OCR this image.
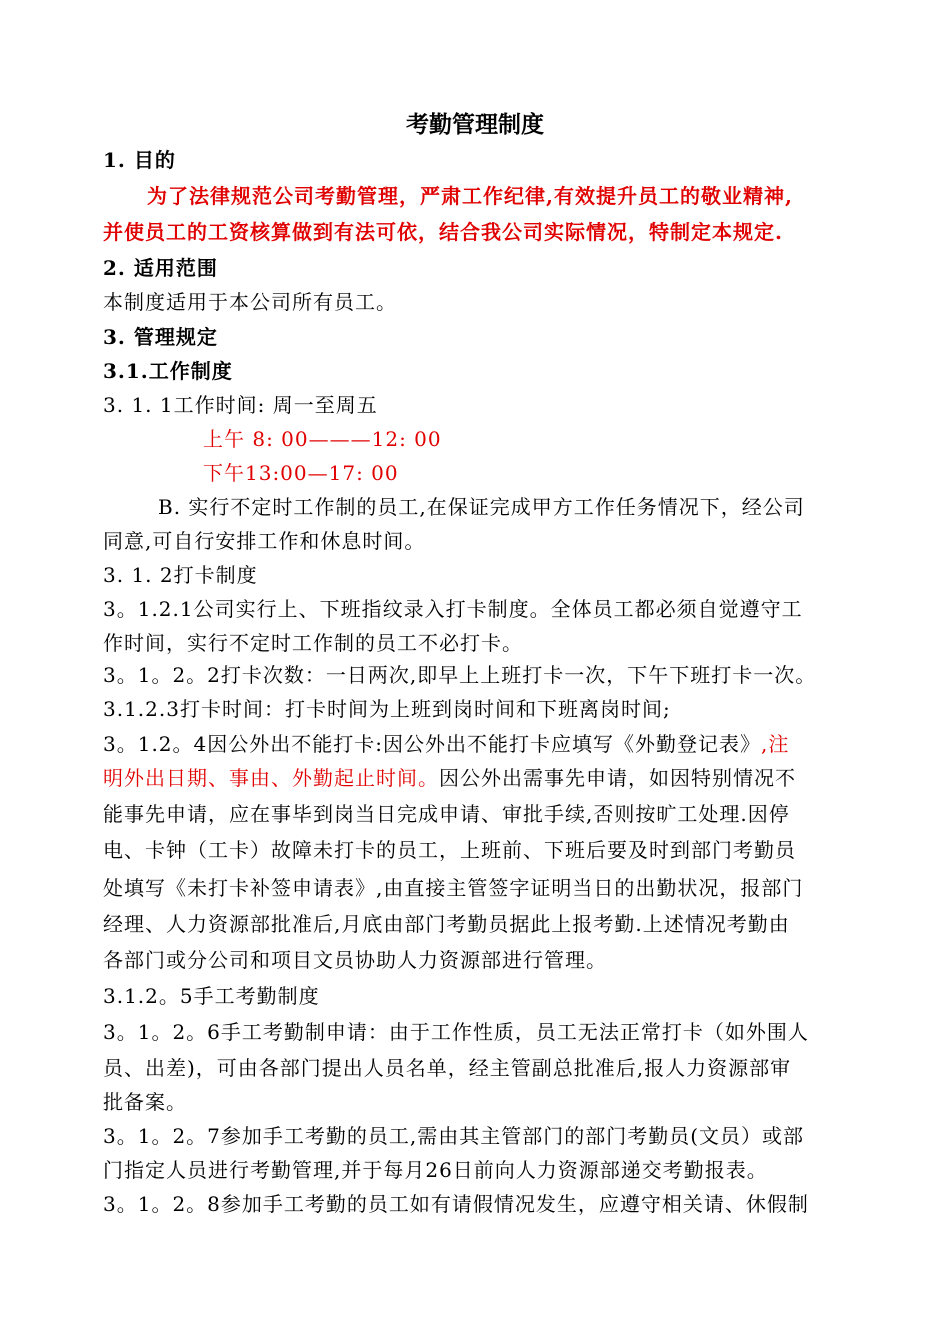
考勤管理制度
1. 目的
为了法律规范公司考勤管理，严肃工作纪律,有效提升员工的敬业精神,
并使员工的工资核算做到有法可依，结合我公司实际情况，特制定本规定.
2. 适用范围
本制度适用于本公司所有员工。
3. 管理规定
3.1.工作制度
3. 1. 1工作时间: 周一至周五
上午 8: 00———12: 00
下午13:00—17: 00
B. 实行不定时工作制的员工,在保证完成甲方工作任务情况下，经公司
同意,可自行安排工作和休息时间。
3. 1. 2打卡制度
3。1.2.1公司实行上、下班指纹录入打卡制度。全体员工都必须自觉遵守工
作时间，实行不定时工作制的员工不必打卡。
3。1。2。2打卡次数：一日两次,即早上上班打卡一次，下午下班打卡一次。
3.1.2.3打卡时间：打卡时间为上班到岗时间和下班离岗时间;
3。1.2。4因公外出不能打卡:因公外出不能打卡应填写《外勤登记表》,注
明外出日期、事由、外勤起止时间。因公外出需事先申请，如因特别情况不
能事先申请，应在事毕到岗当日完成申请、审批手续,否则按旷工处理.因停
电、卡钟（工卡）故障未打卡的员工，上班前、下班后要及时到部门考勤员
处填写《未打卡补签申请表》,由直接主管签字证明当日的出勤状况，报部门
经理、人力资源部批准后,月底由部门考勤员据此上报考勤.上述情况考勤由
各部门或分公司和项目文员协助人力资源部进行管理。
3.1.2。5手工考勤制度
3。1。2。6手工考勤制申请：由于工作性质，员工无法正常打卡（如外围人
员、出差)，可由各部门提出人员名单，经主管副总批准后,报人力资源部审
批备案。
3。1。2。7参加手工考勤的员工,需由其主管部门的部门考勤员(文员）或部
门指定人员进行考勤管理,并于每月26日前向人力资源部递交考勤报表。
3。1。2。8参加手工考勤的员工如有请假情况发生，应遵守相关请、休假制
